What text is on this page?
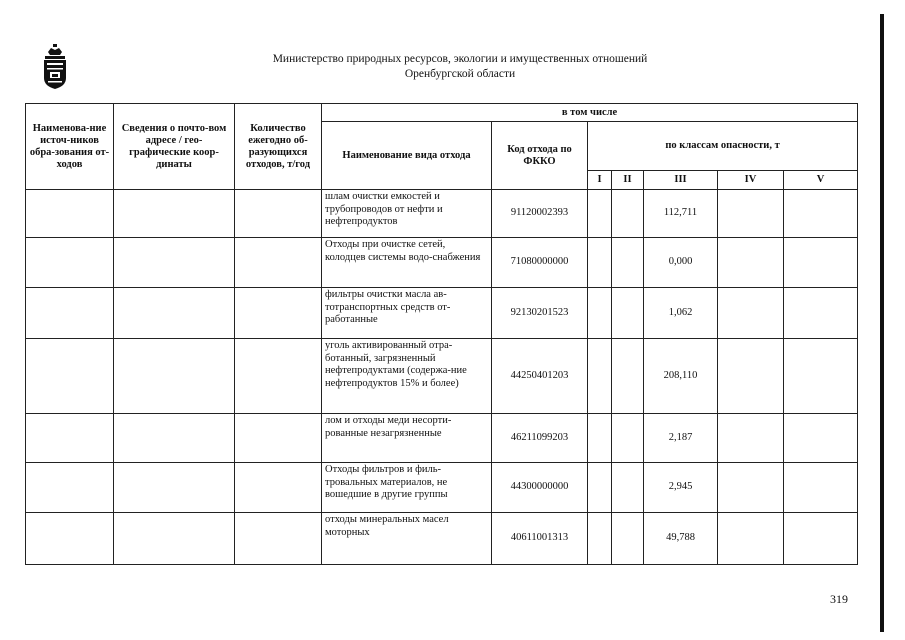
Министерство природных ресурсов, экологии и имущественных отношений
Оренбургской области
Наименова-ние источ-ников обра-зования от-ходов	Сведения о почто-вом адресе / гео-графические коор-динаты	Количество ежегодно об-разующихся отходов, т/год	в том числе						
			Наименование вида отхода	Код отхода по ФККО	по классам опасности, т				
					I	II	III	IV	V
			шлам очистки емкостей и трубопроводов от нефти и нефтепродуктов	91120002393			112,711		
			Отходы при очистке сетей, колодцев системы водо-снабжения	71080000000			0,000		
			фильтры очистки масла ав-тотранспортных средств от-работанные	92130201523			1,062		
			уголь активированный отра-ботанный, загрязненный нефтепродуктами (содержа-ние нефтепродуктов 15% и более)	44250401203			208,110		
			лом и отходы меди несорти-рованные незагрязненные	46211099203			2,187		
			Отходы фильтров и филь-тровальных материалов, не вошедшие в другие группы	44300000000			2,945		
			отходы минеральных масел моторных	40611001313			49,788		
319
